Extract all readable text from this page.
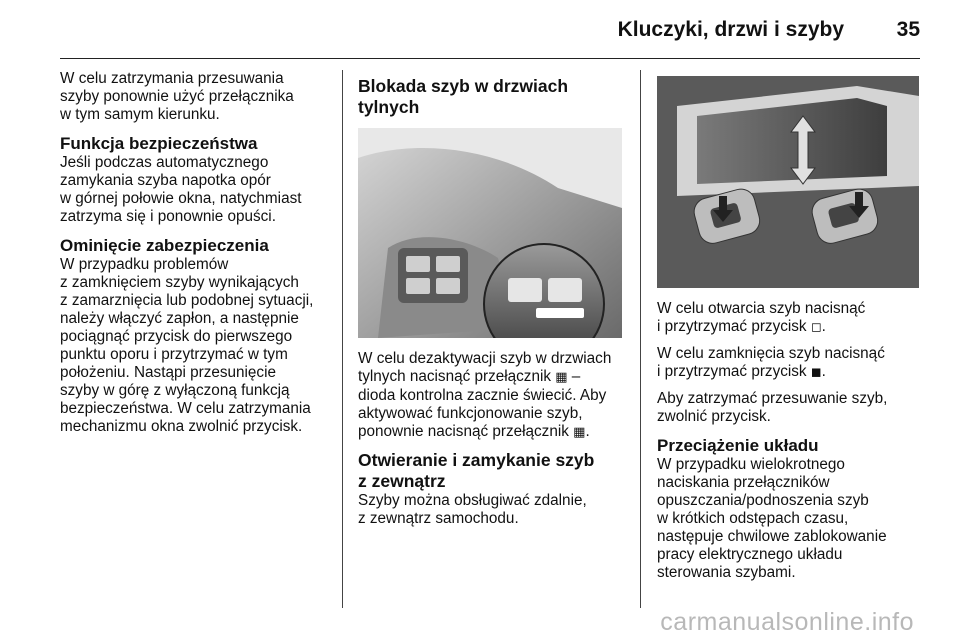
Kluczyki, drzwi i szyby	35

W celu zatrzymania przesuwania
szyby ponownie użyć przełącznika
w tym samym kierunku.

Funkcja bezpieczeństwa

Jeśli podczas automatycznego
zamykania szyba napotka opór
w górnej połowie okna, natychmiast
zatrzyma się i ponownie opuści.

Ominięcie zabezpieczenia

W przypadku problemów
z zamknięciem szyby wynikających
z zamarznięcia lub podobnej sytuacji,
należy włączyć zapłon, a następnie
pociągnąć przycisk do pierwszego
punktu oporu i przytrzymać w tym
położeniu. Nastąpi przesunięcie
szyby w górę z wyłączoną funkcją
bezpieczeństwa. W celu zatrzymania
mechanizmu okna zwolnić przycisk.

Blokada szyb w drzwiach
tylnych

W celu dezaktywacji szyb w drzwiach
tylnych nacisnąć przełącznik ▦ –
dioda kontrolna zacznie świecić. Aby
aktywować funkcjonowanie szyb,
ponownie nacisnąć przełącznik ▦.

Otwieranie i zamykanie szyb
z zewnątrz

Szyby można obsługiwać zdalnie,
z zewnątrz samochodu.

W celu otwarcia szyb nacisnąć
i przytrzymać przycisk ◻.

W celu zamknięcia szyb nacisnąć
i przytrzymać przycisk ◼.

Aby zatrzymać przesuwanie szyb,
zwolnić przycisk.

Przeciążenie układu

W przypadku wielokrotnego
naciskania przełączników
opuszczania/podnoszenia szyb
w krótkich odstępach czasu,
następuje chwilowe zablokowanie
pracy elektrycznego układu
sterowania szybami.

carmanualsonline.info
